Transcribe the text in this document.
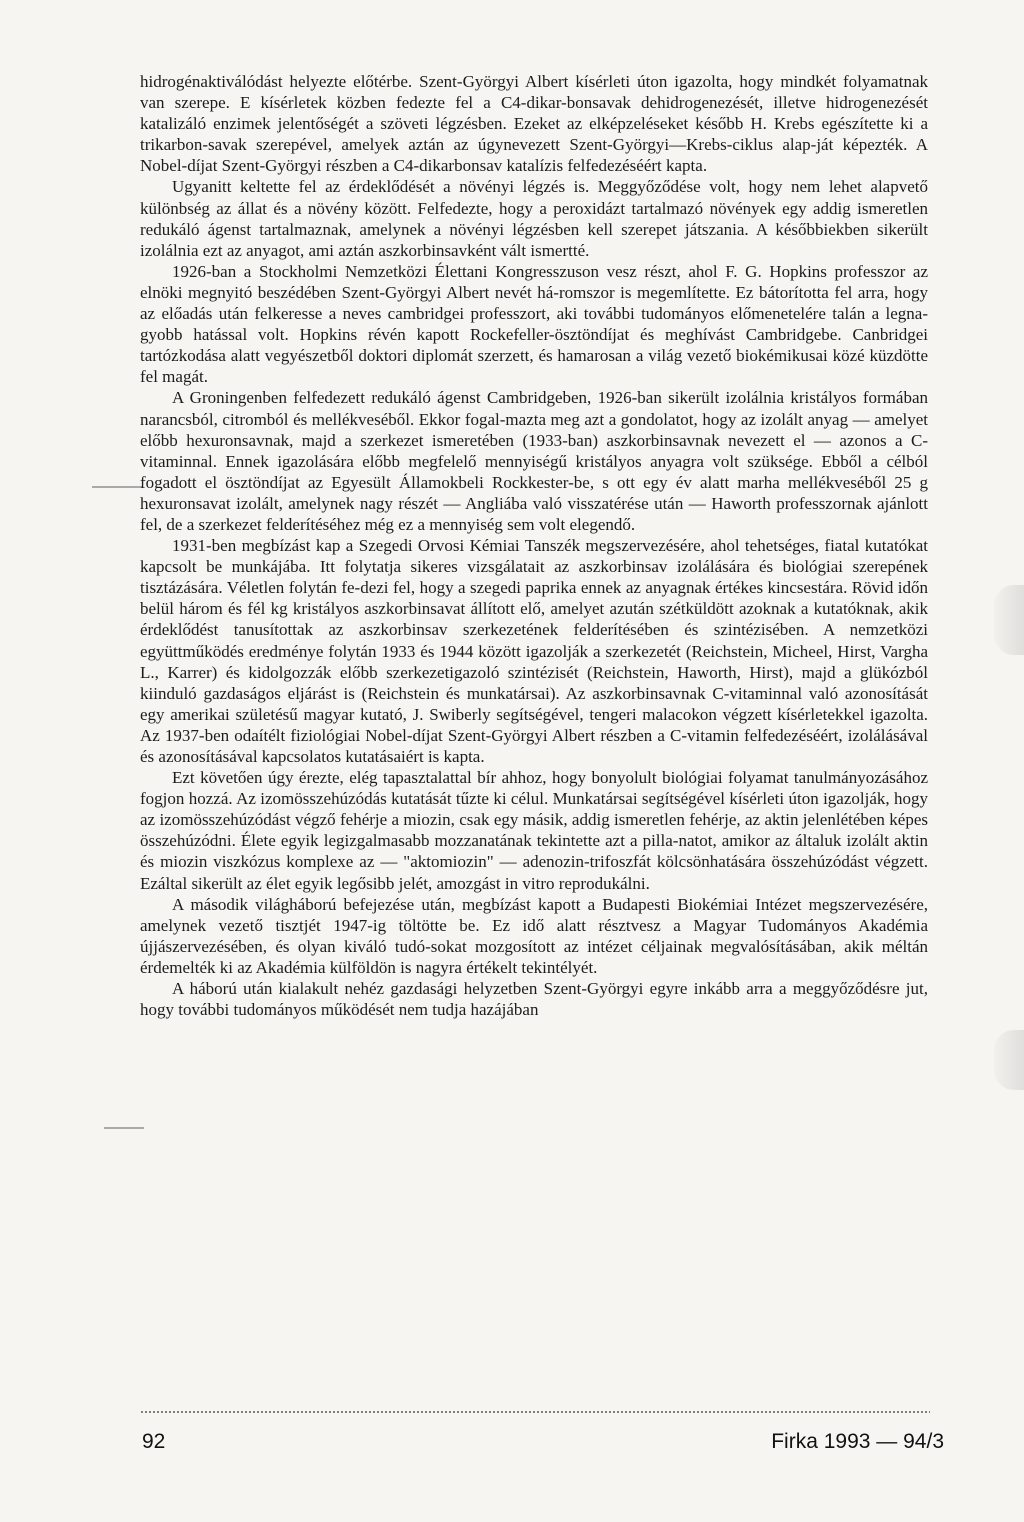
hidrogénaktiválódást helyezte előtérbe. Szent-Györgyi Albert kísérleti úton igazolta, hogy mindkét folyamatnak van szerepe. E kísérletek közben fedezte fel a C4-dikar-bonsavak dehidrogenezését, illetve hidrogenezését katalizáló enzimek jelentőségét a szöveti légzésben. Ezeket az elképzeléseket később H. Krebs egészítette ki a trikarbon-savak szerepével, amelyek aztán az úgynevezett Szent-Györgyi—Krebs-ciklus alap-ját képezték. A Nobel-díjat Szent-Györgyi részben a C4-dikarbonsav katalízis felfedezéséért kapta.

Ugyanitt keltette fel az érdeklődését a növényi légzés is. Meggyőződése volt, hogy nem lehet alapvető különbség az állat és a növény között. Felfedezte, hogy a peroxidázt tartalmazó növények egy addig ismeretlen redukáló ágenst tartalmaznak, amelynek a növényi légzésben kell szerepet játszania. A későbbiekben sikerült izolálnia ezt az anyagot, ami aztán aszkorbinsavként vált ismertté.

1926-ban a Stockholmi Nemzetközi Élettani Kongresszuson vesz részt, ahol F. G. Hopkins professzor az elnöki megnyitó beszédében Szent-Györgyi Albert nevét há-romszor is megemlítette. Ez bátorította fel arra, hogy az előadás után felkeresse a neves cambridgei professzort, aki további tudományos előmenetelére talán a legna-gyobb hatással volt. Hopkins révén kapott Rockefeller-ösztöndíjat és meghívást Cambridgebe. Canbridgei tartózkodása alatt vegyészetből doktori diplomát szerzett, és hamarosan a világ vezető biokémikusai közé küzdötte fel magát.

A Groningenben felfedezett redukáló ágenst Cambridgeben, 1926-ban sikerült izolálnia kristályos formában narancsból, citromból és mellékveséből. Ekkor fogal-mazta meg azt a gondolatot, hogy az izolált anyag — amelyet előbb hexuronsavnak, majd a szerkezet ismeretében (1933-ban) aszkorbinsavnak nevezett el — azonos a C-vitaminnal. Ennek igazolására előbb megfelelő mennyiségű kristályos anyagra volt szüksége. Ebből a célból fogadott el ösztöndíjat az Egyesült Államokbeli Rockkester-be, s ott egy év alatt marha mellékveséből 25 g hexuronsavat izolált, amelynek nagy részét — Angliába való visszatérése után — Haworth professzornak ajánlott fel, de a szerkezet felderítéséhez még ez a mennyiség sem volt elegendő.

1931-ben megbízást kap a Szegedi Orvosi Kémiai Tanszék megszervezésére, ahol tehetséges, fiatal kutatókat kapcsolt be munkájába. Itt folytatja sikeres vizsgálatait az aszkorbinsav izolálására és biológiai szerepének tisztázására. Véletlen folytán fe-dezi fel, hogy a szegedi paprika ennek az anyagnak értékes kincsestára. Rövid időn belül három és fél kg kristályos aszkorbinsavat állított elő, amelyet azután szétküldött azoknak a kutatóknak, akik érdeklődést tanusítottak az aszkorbinsav szerkezetének felderítésében és szintézisében. A nemzetközi együttműködés eredménye folytán 1933 és 1944 között igazolják a szerkezetét (Reichstein, Micheel, Hirst, Vargha L., Karrer) és kidolgozzák előbb szerkezetigazoló szintézisét (Reichstein, Haworth, Hirst), majd a glükózból kiinduló gazdaságos eljárást is (Reichstein és munkatársai). Az aszkorbinsavnak C-vitaminnal való azonosítását egy amerikai születésű magyar kutató, J. Swiberly segítségével, tengeri malacokon végzett kísérletekkel igazolta. Az 1937-ben odaítélt fiziológiai Nobel-díjat Szent-Györgyi Albert részben a C-vitamin felfedezéséért, izolálásával és azonosításával kapcsolatos kutatásaiért is kapta.

Ezt követően úgy érezte, elég tapasztalattal bír ahhoz, hogy bonyolult biológiai folyamat tanulmányozásához fogjon hozzá. Az izomösszehúzódás kutatását tűzte ki célul. Munkatársai segítségével kísérleti úton igazolják, hogy az izomösszehúzódást végző fehérje a miozin, csak egy másik, addig ismeretlen fehérje, az aktin jelenlétében képes összehúzódni. Élete egyik legizgalmasabb mozzanatának tekintette azt a pilla-natot, amikor az általuk izolált aktin és miozin viszkózus komplexe az — "aktomiozin" — adenozin-trifoszfát kölcsönhatására összehúzódást végzett. Ezáltal sikerült az élet egyik legősibb jelét, amozgást in vitro reprodukálni.

A második világháború befejezése után, megbízást kapott a Budapesti Biokémiai Intézet megszervezésére, amelynek vezető tisztjét 1947-ig töltötte be. Ez idő alatt résztvesz a Magyar Tudományos Akadémia újjászervezésében, és olyan kiváló tudó-sokat mozgosított az intézet céljainak megvalósításában, akik méltán érdemelték ki az Akadémia külföldön is nagyra értékelt tekintélyét.

A háború után kialakult nehéz gazdasági helyzetben Szent-Györgyi egyre inkább arra a meggyőződésre jut, hogy további tudományos működését nem tudja hazájában

92	Firka 1993 — 94/3
